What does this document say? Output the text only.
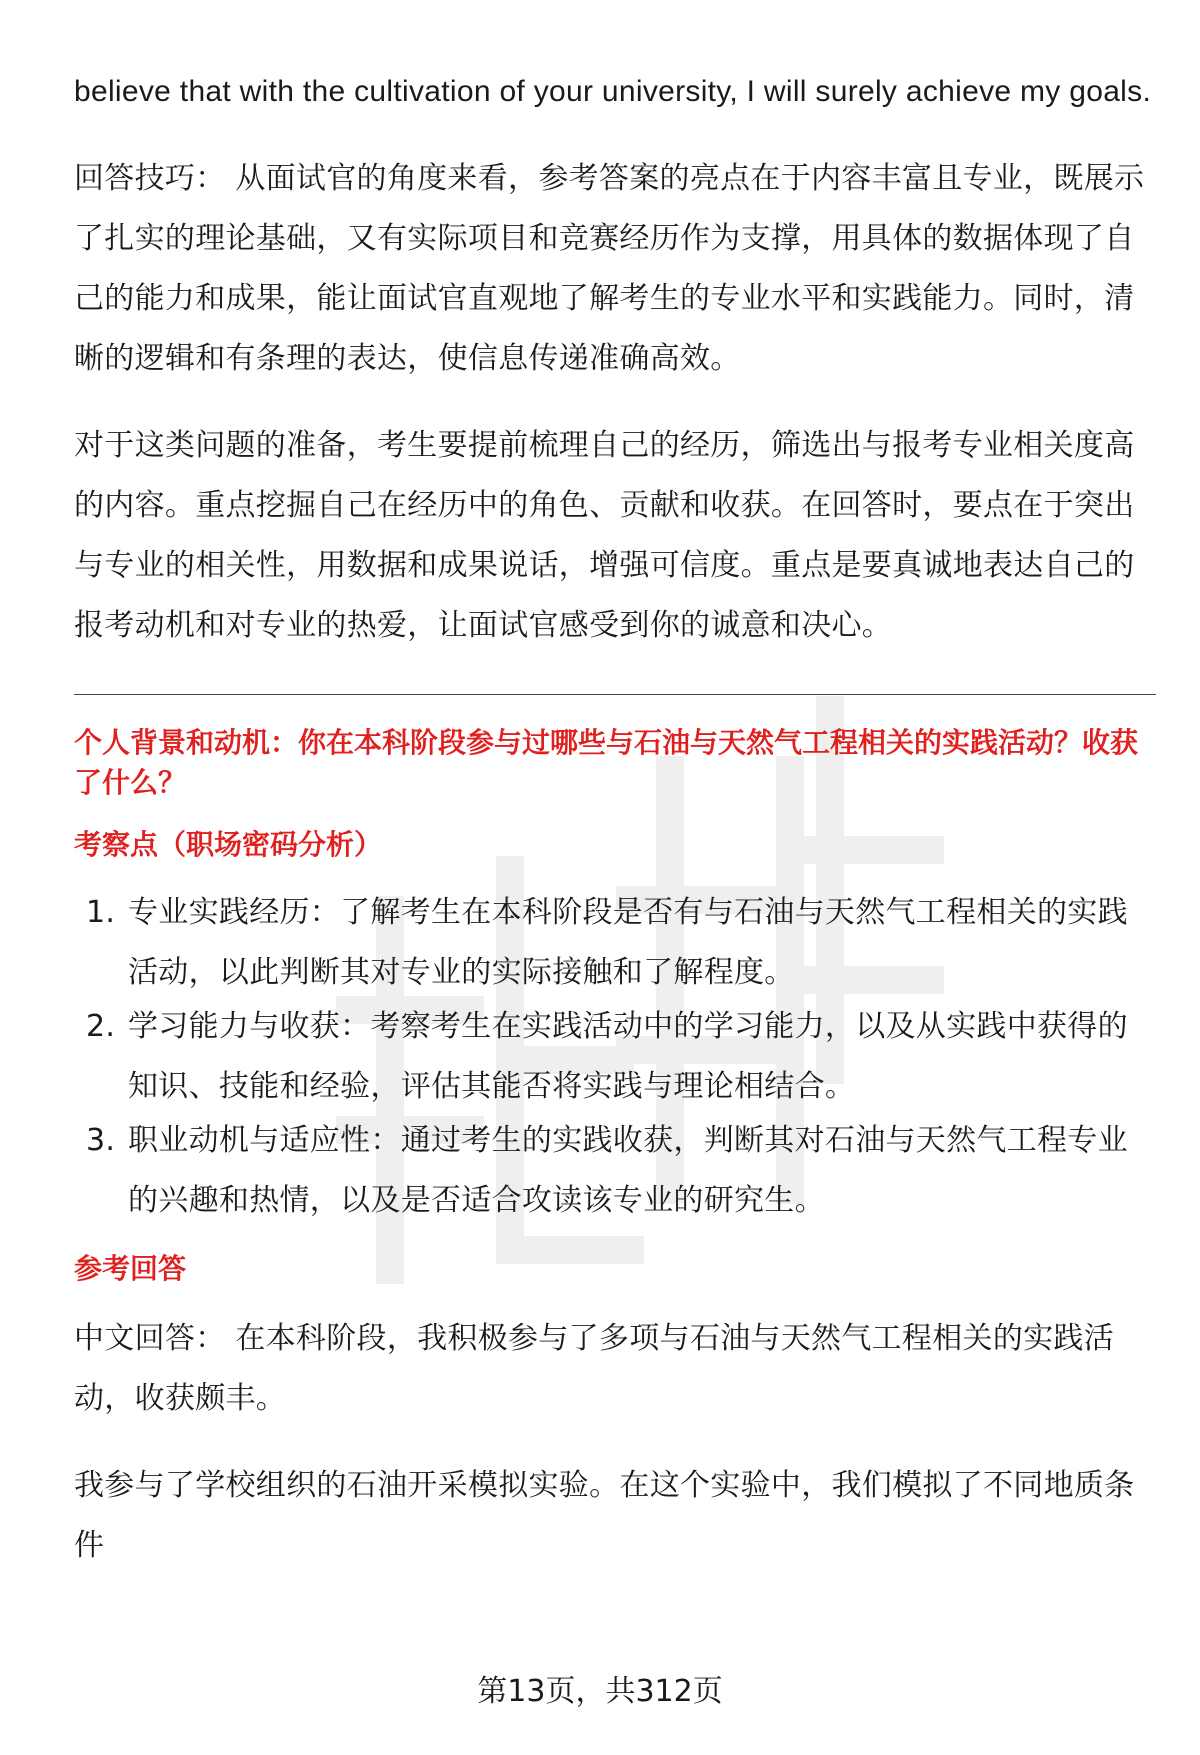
believe that with the cultivation of your university, I will surely achieve my goals.

回答技巧： 从面试官的角度来看，参考答案的亮点在于内容丰富且专业，既展示了扎实的理论基础，又有实际项目和竞赛经历作为支撑，用具体的数据体现了自己的能力和成果，能让面试官直观地了解考生的专业水平和实践能力。同时，清晰的逻辑和有条理的表达，使信息传递准确高效。

对于这类问题的准备，考生要提前梳理自己的经历，筛选出与报考专业相关度高的内容。重点挖掘自己在经历中的角色、贡献和收获。在回答时，要点在于突出与专业的相关性，用数据和成果说话，增强可信度。重点是要真诚地表达自己的报考动机和对专业的热爱，让面试官感受到你的诚意和决心。

个人背景和动机：你在本科阶段参与过哪些与石油与天然气工程相关的实践活动？收获了什么？

考察点（职场密码分析）

1. 专业实践经历：了解考生在本科阶段是否有与石油与天然气工程相关的实践活动，以此判断其对专业的实际接触和了解程度。
2. 学习能力与收获：考察考生在实践活动中的学习能力，以及从实践中获得的知识、技能和经验，评估其能否将实践与理论相结合。
3. 职业动机与适应性：通过考生的实践收获，判断其对石油与天然气工程专业的兴趣和热情，以及是否适合攻读该专业的研究生。

参考回答

中文回答： 在本科阶段，我积极参与了多项与石油与天然气工程相关的实践活动，收获颇丰。

我参与了学校组织的石油开采模拟实验。在这个实验中，我们模拟了不同地质条件

第13页，共312页
